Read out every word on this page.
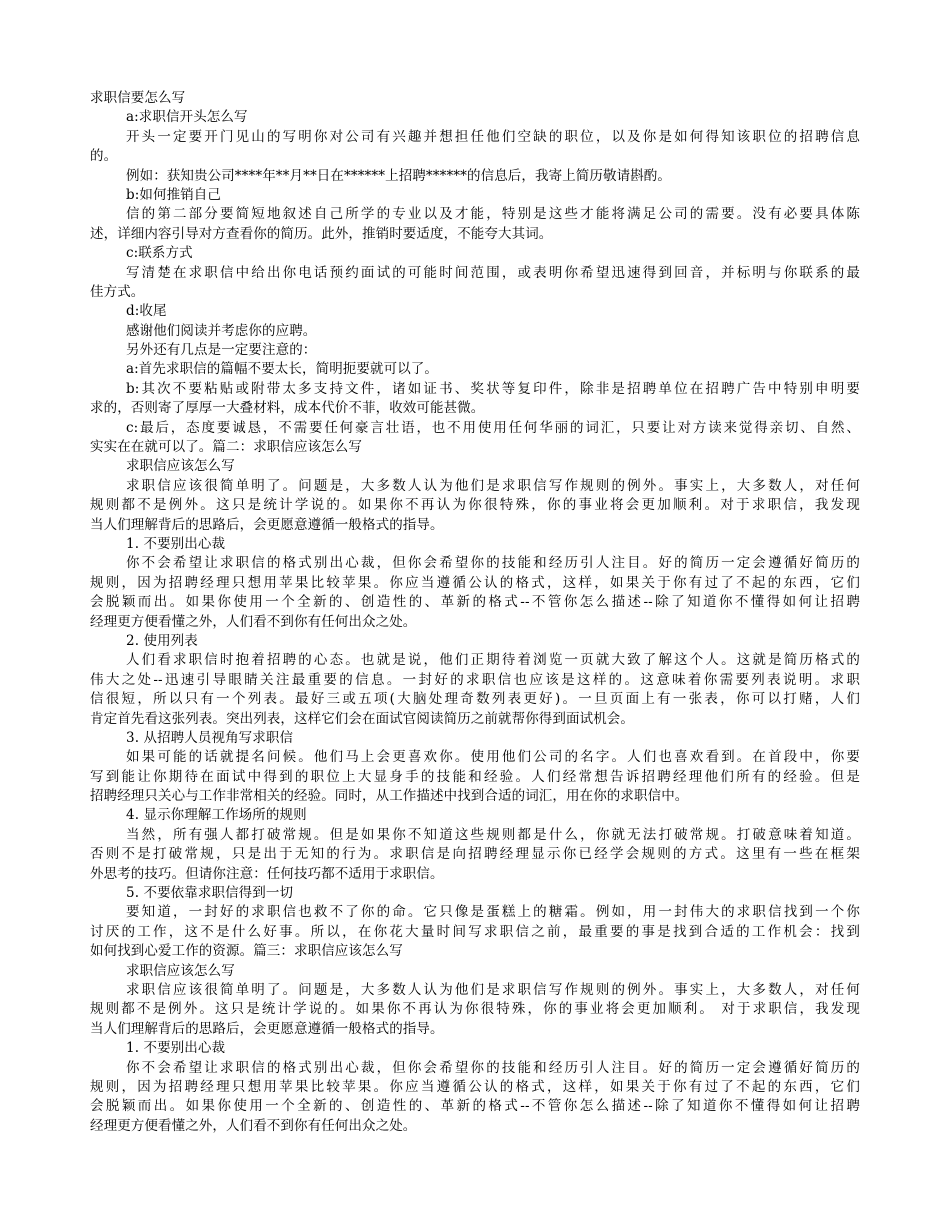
求职信要怎么写
a:求职信开头怎么写
开头一定要开门见山的写明你对公司有兴趣并想担任他们空缺的职位，以及你是如何得知该职位的招聘信息
的。
例如：获知贵公司****年**月**日在******上招聘******的信息后，我寄上简历敬请斟酌。
b:如何推销自己
信的第二部分要简短地叙述自己所学的专业以及才能，特别是这些才能将满足公司的需要。没有必要具体陈
述，详细内容引导对方查看你的简历。此外，推销时要适度，不能夸大其词。
c:联系方式
写清楚在求职信中给出你电话预约面试的可能时间范围，或表明你希望迅速得到回音，并标明与你联系的最
佳方式。
d:收尾
感谢他们阅读并考虑你的应聘。
另外还有几点是一定要注意的：
a:首先求职信的篇幅不要太长，简明扼要就可以了。
b:其次不要粘贴或附带太多支持文件，诸如证书、奖状等复印件，除非是招聘单位在招聘广告中特别申明要
求的，否则寄了厚厚一大叠材料，成本代价不菲，收效可能甚微。
c:最后，态度要诚恳，不需要任何豪言壮语，也不用使用任何华丽的词汇，只要让对方读来觉得亲切、自然、
实实在在就可以了。篇二：求职信应该怎么写
求职信应该怎么写
求职信应该很简单明了。问题是，大多数人认为他们是求职信写作规则的例外。事实上，大多数人，对任何
规则都不是例外。这只是统计学说的。如果你不再认为你很特殊，你的事业将会更加顺利。对于求职信，我发现
当人们理解背后的思路后，会更愿意遵循一般格式的指导。
1. 不要别出心裁
你不会希望让求职信的格式别出心裁，但你会希望你的技能和经历引人注目。好的简历一定会遵循好简历的
规则，因为招聘经理只想用苹果比较苹果。你应当遵循公认的格式，这样，如果关于你有过了不起的东西，它们
会脱颖而出。如果你使用一个全新的、创造性的、革新的格式--不管你怎么描述--除了知道你不懂得如何让招聘
经理更方便看懂之外，人们看不到你有任何出众之处。
2. 使用列表
人们看求职信时抱着招聘的心态。也就是说，他们正期待着浏览一页就大致了解这个人。这就是简历格式的
伟大之处--迅速引导眼睛关注最重要的信息。一封好的求职信也应该是这样的。这意味着你需要列表说明。求职
信很短，所以只有一个列表。最好三或五项(大脑处理奇数列表更好)。一旦页面上有一张表，你可以打赌，人们
肯定首先看这张列表。突出列表，这样它们会在面试官阅读简历之前就帮你得到面试机会。
3. 从招聘人员视角写求职信
如果可能的话就提名问候。他们马上会更喜欢你。使用他们公司的名字。人们也喜欢看到。在首段中，你要
写到能让你期待在面试中得到的职位上大显身手的技能和经验。人们经常想告诉招聘经理他们所有的经验。但是
招聘经理只关心与工作非常相关的经验。同时，从工作描述中找到合适的词汇，用在你的求职信中。
4. 显示你理解工作场所的规则
当然，所有强人都打破常规。但是如果你不知道这些规则都是什么，你就无法打破常规。打破意味着知道。
否则不是打破常规，只是出于无知的行为。求职信是向招聘经理显示你已经学会规则的方式。这里有一些在框架
外思考的技巧。但请你注意：任何技巧都不适用于求职信。
5. 不要依靠求职信得到一切
要知道，一封好的求职信也救不了你的命。它只像是蛋糕上的糖霜。例如，用一封伟大的求职信找到一个你
讨厌的工作，这不是什么好事。所以，在你花大量时间写求职信之前，最重要的事是找到合适的工作机会：找到
如何找到心爱工作的资源。篇三：求职信应该怎么写
求职信应该怎么写
求职信应该很简单明了。问题是，大多数人认为他们是求职信写作规则的例外。事实上，大多数人，对任何
规则都不是例外。这只是统计学说的。如果你不再认为你很特殊，你的事业将会更加顺利。 对于求职信，我发现
当人们理解背后的思路后，会更愿意遵循一般格式的指导。
1. 不要别出心裁
你不会希望让求职信的格式别出心裁，但你会希望你的技能和经历引人注目。好的简历一定会遵循好简历的
规则，因为招聘经理只想用苹果比较苹果。你应当遵循公认的格式，这样，如果关于你有过了不起的东西，它们
会脱颖而出。如果你使用一个全新的、创造性的、革新的格式--不管你怎么描述--除了知道你不懂得如何让招聘
经理更方便看懂之外，人们看不到你有任何出众之处。
